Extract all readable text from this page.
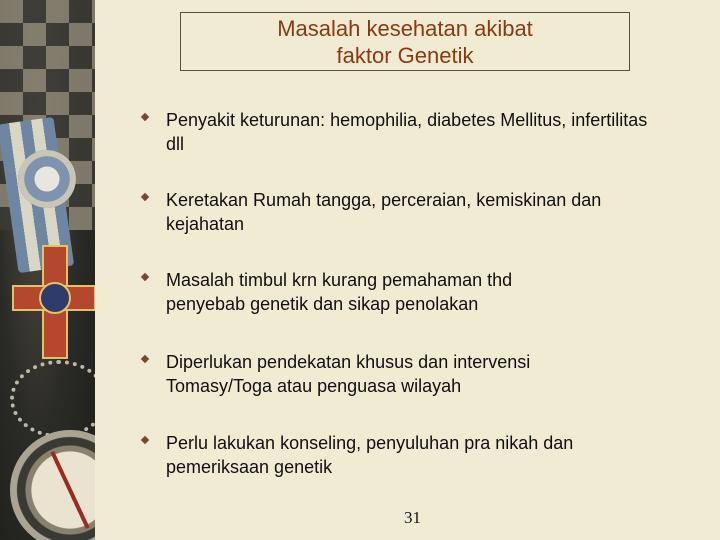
Masalah kesehatan akibat faktor Genetik
Penyakit keturunan: hemophilia, diabetes Mellitus, infertilitas dll
Keretakan Rumah tangga, perceraian, kemiskinan dan kejahatan
Masalah timbul krn kurang pemahaman thd penyebab genetik dan sikap penolakan
Diperlukan pendekatan khusus dan intervensi Tomasy/Toga atau penguasa wilayah
Perlu lakukan konseling, penyuluhan pra nikah dan pemeriksaan genetik
31
